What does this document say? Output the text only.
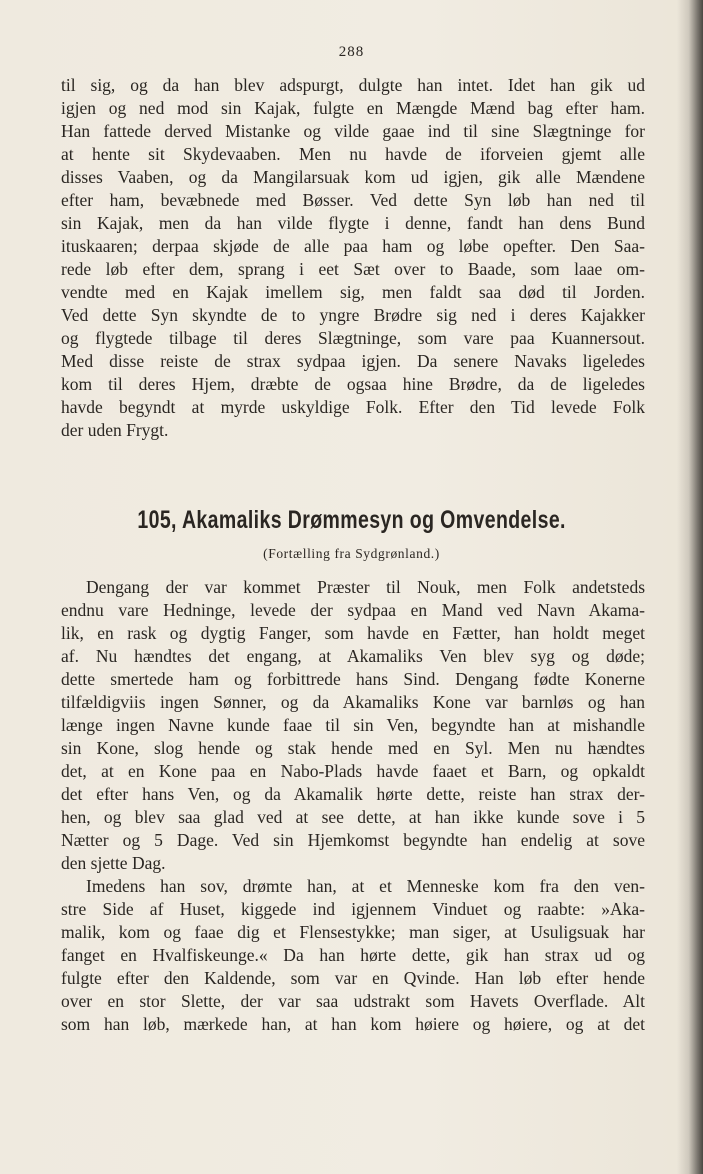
288
til sig, og da han blev adspurgt, dulgte han intet. Idet han gik ud
igjen og ned mod sin Kajak, fulgte en Mængde Mænd bag efter ham.
Han fattede derved Mistanke og vilde gaae ind til sine Slægtninge for
at hente sit Skydevaaben. Men nu havde de iforveien gjemt alle
disses Vaaben, og da Mangilarsuak kom ud igjen, gik alle Mændene
efter ham, bevæbnede med Bøsser. Ved dette Syn løb han ned til
sin Kajak, men da han vilde flygte i denne, fandt han dens Bund
ituskaaren; derpaa skjøde de alle paa ham og løbe opefter. Den Saa-
rede løb efter dem, sprang i eet Sæt over to Baade, som laae om-
vendte med en Kajak imellem sig, men faldt saa død til Jorden.
Ved dette Syn skyndte de to yngre Brødre sig ned i deres Kajakker
og flygtede tilbage til deres Slægtninge, som vare paa Kuannersout.
Med disse reiste de strax sydpaa igjen. Da senere Navaks ligeledes
kom til deres Hjem, dræbte de ogsaa hine Brødre, da de ligeledes
havde begyndt at myrde uskyldige Folk. Efter den Tid levede Folk
der uden Frygt.
105, Akamaliks Drømmesyn og Omvendelse.
(Fortælling fra Sydgrønland.)
Dengang der var kommet Præster til Nouk, men Folk andetsteds
endnu vare Hedninge, levede der sydpaa en Mand ved Navn Akama-
lik, en rask og dygtig Fanger, som havde en Fætter, han holdt meget
af. Nu hændtes det engang, at Akamaliks Ven blev syg og døde;
dette smertede ham og forbittrede hans Sind. Dengang fødte Konerne
tilfældigviis ingen Sønner, og da Akamaliks Kone var barnløs og han
længe ingen Navne kunde faae til sin Ven, begyndte han at mishandle
sin Kone, slog hende og stak hende med en Syl. Men nu hændtes
det, at en Kone paa en Nabo-Plads havde faaet et Barn, og opkaldt
det efter hans Ven, og da Akamalik hørte dette, reiste han strax der-
hen, og blev saa glad ved at see dette, at han ikke kunde sove i 5
Nætter og 5 Dage. Ved sin Hjemkomst begyndte han endelig at sove
den sjette Dag.
Imedens han sov, drømte han, at et Menneske kom fra den ven-
stre Side af Huset, kiggede ind igjennem Vinduet og raabte: »Aka-
malik, kom og faae dig et Flensestykke; man siger, at Usuligsuak har
fanget en Hvalfiskeunge.« Da han hørte dette, gik han strax ud og
fulgte efter den Kaldende, som var en Qvinde. Han løb efter hende
over en stor Slette, der var saa udstrakt som Havets Overflade. Alt
som han løb, mærkede han, at han kom høiere og høiere, og at det
